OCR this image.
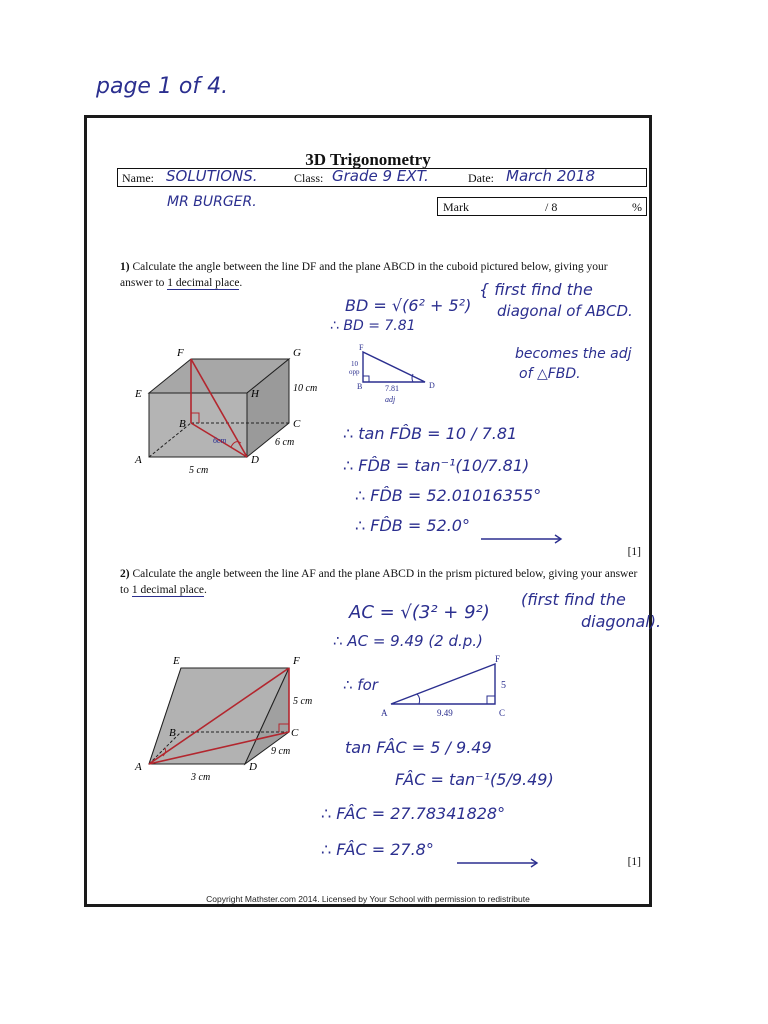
page 1 of 4.
3D Trigonometry
Name: SOLUTIONS.	Class: Grade 9 EXT.	Date: March 2018
MR BURGER.	Mark	/ 8	%
1) Calculate the angle between the line DF and the plane ABCD in the cuboid pictured below, giving your answer to 1 decimal place.
F	G
E	H
B	C
A	D
10 cm
6 cm
5 cm
6cm
BD = √(6² + 5²)
∴ BD = 7.81
{ first find the
diagonal of ABCD.
becomes the adj
of △FBD.
F
10
opp
B	D
7.81
adj
∴ tan FD̂B = 10 / 7.81
∴ FD̂B = tan⁻¹(10/7.81)
∴ FD̂B = 52.01016355°
∴ FD̂B = 52.0°
[1]
2) Calculate the angle between the line AF and the plane ABCD in the prism pictured below, giving your answer to 1 decimal place.
E	F
B	C
A	D
5 cm
9 cm
3 cm
AC = √(3² + 9²)
(first find the
diagonal).
∴ AC = 9.49 (2 d.p.)
∴ for
A	C
F
5
9.49
tan FÂC = 5 / 9.49
FÂC = tan⁻¹(5/9.49)
∴ FÂC = 27.78341828°
∴ FÂC = 27.8°
[1]
Copyright Mathster.com 2014. Licensed by Your School with permission to redistribute
